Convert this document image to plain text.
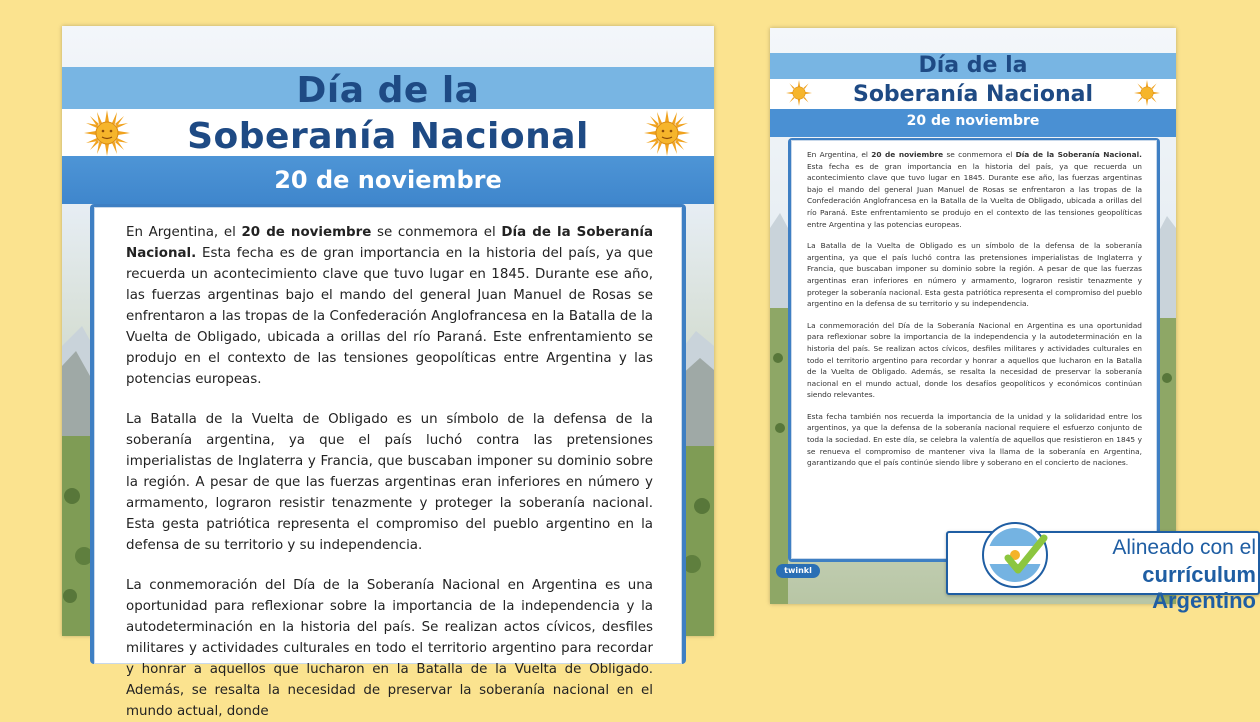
Día de la
Soberanía Nacional
20 de noviembre

En Argentina, el 20 de noviembre se conmemora el Día de la Soberanía Nacional. Esta fecha es de gran importancia en la historia del país, ya que recuerda un acontecimiento clave que tuvo lugar en 1845. Durante ese año, las fuerzas argentinas bajo el mando del general Juan Manuel de Rosas se enfrentaron a las tropas de la Confederación Anglofrancesa en la Batalla de la Vuelta de Obligado, ubicada a orillas del río Paraná. Este enfrentamiento se produjo en el contexto de las tensiones geopolíticas entre Argentina y las potencias europeas.

La Batalla de la Vuelta de Obligado es un símbolo de la defensa de la soberanía argentina, ya que el país luchó contra las pretensiones imperialistas de Inglaterra y Francia, que buscaban imponer su dominio sobre la región. A pesar de que las fuerzas argentinas eran inferiores en número y armamento, lograron resistir tenazmente y proteger la soberanía nacional. Esta gesta patriótica representa el compromiso del pueblo argentino en la defensa de su territorio y su independencia.

La conmemoración del Día de la Soberanía Nacional en Argentina es una oportunidad para reflexionar sobre la importancia de la independencia y la autodeterminación en la historia del país. Se realizan actos cívicos, desfiles militares y actividades culturales en todo el territorio argentino para recordar y honrar a aquellos que lucharon en la Batalla de la Vuelta de Obligado. Además, se resalta la necesidad de preservar la soberanía nacional en el mundo actual, donde

Día de la
Soberanía Nacional
20 de noviembre

En Argentina, el 20 de noviembre se conmemora el Día de la Soberanía Nacional. Esta fecha es de gran importancia en la historia del país, ya que recuerda un acontecimiento clave que tuvo lugar en 1845. Durante ese año, las fuerzas argentinas bajo el mando del general Juan Manuel de Rosas se enfrentaron a las tropas de la Confederación Anglofrancesa en la Batalla de la Vuelta de Obligado, ubicada a orillas del río Paraná. Este enfrentamiento se produjo en el contexto de las tensiones geopolíticas entre Argentina y las potencias europeas.

La Batalla de la Vuelta de Obligado es un símbolo de la defensa de la soberanía argentina, ya que el país luchó contra las pretensiones imperialistas de Inglaterra y Francia, que buscaban imponer su dominio sobre la región. A pesar de que las fuerzas argentinas eran inferiores en número y armamento, lograron resistir tenazmente y proteger la soberanía nacional. Esta gesta patriótica representa el compromiso del pueblo argentino en la defensa de su territorio y su independencia.

La conmemoración del Día de la Soberanía Nacional en Argentina es una oportunidad para reflexionar sobre la importancia de la independencia y la autodeterminación en la historia del país. Se realizan actos cívicos, desfiles militares y actividades culturales en todo el territorio argentino para recordar y honrar a aquellos que lucharon en la Batalla de la Vuelta de Obligado. Además, se resalta la necesidad de preservar la soberanía nacional en el mundo actual, donde los desafíos geopolíticos y económicos continúan siendo relevantes.

Esta fecha también nos recuerda la importancia de la unidad y la solidaridad entre los argentinos, ya que la defensa de la soberanía nacional requiere el esfuerzo conjunto de toda la sociedad. En este día, se celebra la valentía de aquellos que resistieron en 1845 y se renueva el compromiso de mantener viva la llama de la soberanía en Argentina, garantizando que el país continúe siendo libre y soberano en el concierto de naciones.

twinkl
Alineado con el
currículum Argentino
